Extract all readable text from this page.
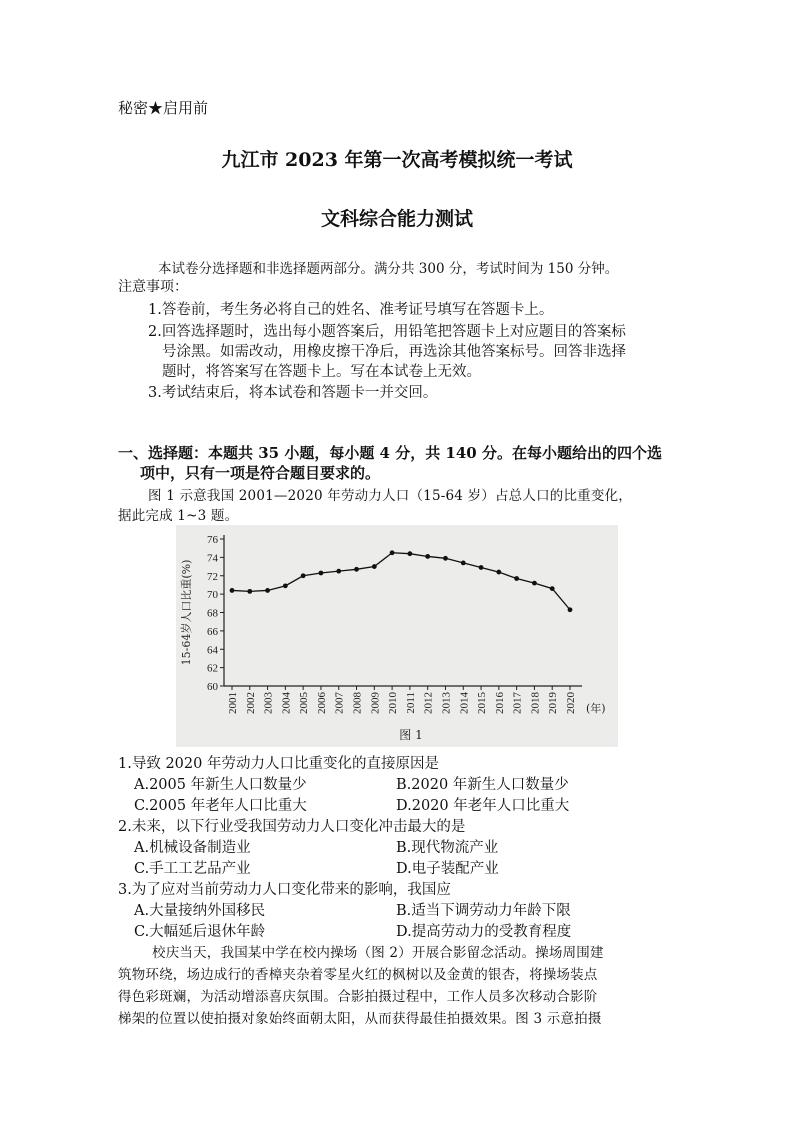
秘密★启用前
九江市 2023 年第一次高考模拟统一考试
文科综合能力测试
本试卷分选择题和非选择题两部分。满分共 300 分，考试时间为 150 分钟。
注意事项：
1.答卷前，考生务必将自己的姓名、准考证号填写在答题卡上。
2.回答选择题时，选出每小题答案后，用铅笔把答题卡上对应题目的答案标
号涂黑。如需改动，用橡皮擦干净后，再选涂其他答案标号。回答非选择
题时，将答案写在答题卡上。写在本试卷上无效。
3.考试结束后，将本试卷和答题卡一并交回。
一、选择题：本题共 35 小题，每小题 4 分，共 140 分。在每小题给出的四个选
项中，只有一项是符合题目要求的。
图 1 示意我国 2001—2020 年劳动力人口（15-64 岁）占总人口的比重变化，
据此完成 1~3 题。
60
62
64
66
68
70
72
74
76
15-64岁人口比重(%)
2001 2002 2003 2004 2005 2006 2007 2008 2009 2010 2011 2012 2013 2014 2015 2016 2017 2018 2019 2020 (年)
图 1
1.导致 2020 年劳动力人口比重变化的直接原因是
A.2005 年新生人口数量少	B.2020 年新生人口数量少
C.2005 年老年人口比重大	D.2020 年老年人口比重大
2.未来，以下行业受我国劳动力人口变化冲击最大的是
A.机械设备制造业	B.现代物流产业
C.手工工艺品产业	D.电子装配产业
3.为了应对当前劳动力人口变化带来的影响，我国应
A.大量接纳外国移民	B.适当下调劳动力年龄下限
C.大幅延后退休年龄	D.提高劳动力的受教育程度
校庆当天，我国某中学在校内操场（图 2）开展合影留念活动。操场周围建
筑物环绕，场边成行的香樟夹杂着零星火红的枫树以及金黄的银杏，将操场装点
得色彩斑斓，为活动增添喜庆氛围。合影拍摄过程中，工作人员多次移动合影阶
梯架的位置以使拍摄对象始终面朝太阳，从而获得最佳拍摄效果。图 3 示意拍摄
